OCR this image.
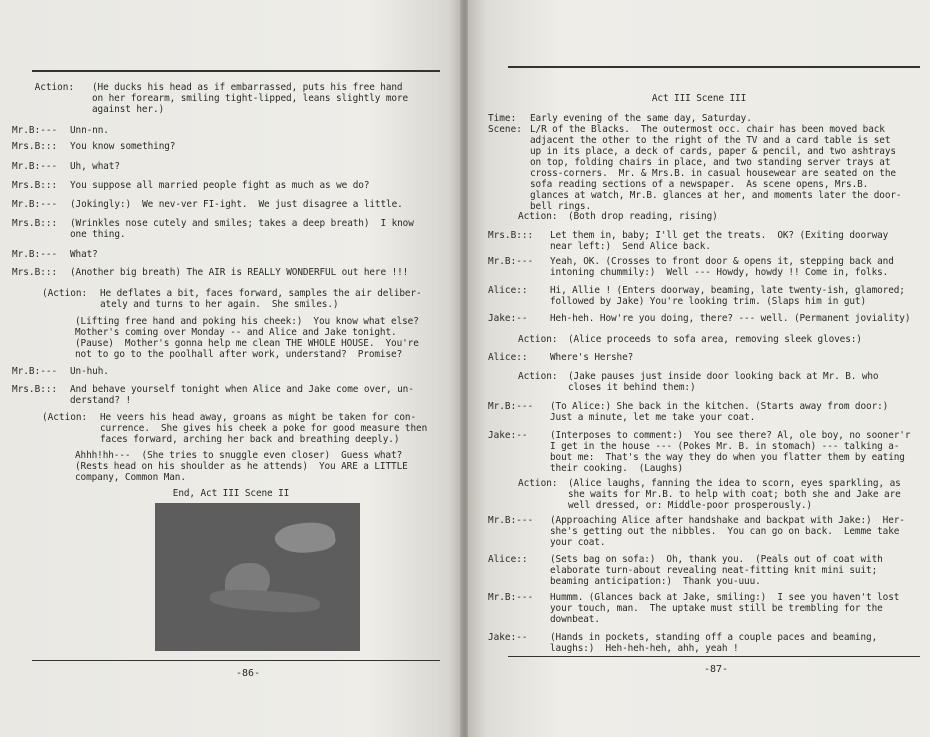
Action: (He ducks his head as if embarrassed, puts his free hand
on her forearm, smiling tight-lipped, leans slightly more
against her.)
Mr.B:--- Unn-nn.
Mrs.B::: You know something?
Mr.B:--- Uh, what?
Mrs.B::: You suppose all married people fight as much as we do?
Mr.B:--- (Jokingly:)  We nev-ver FI-ight.  We just disagree a little.
Mrs.B::: (Wrinkles nose cutely and smiles; takes a deep breath)  I know
one thing.
Mr.B:--- What?
Mrs.B::: (Another big breath) The AIR is REALLY WONDERFUL out here !!!
(Action: He deflates a bit, faces forward, samples the air deliber-
ately and turns to her again.  She smiles.)
(Lifting free hand and poking his cheek:)  You know what else?
Mother's coming over Monday -- and Alice and Jake tonight.
(Pause)  Mother's gonna help me clean THE WHOLE HOUSE.  You're
not to go to the poolhall after work, understand?  Promise?
Mr.B:--- Un-huh.
Mrs.B::: And behave yourself tonight when Alice and Jake come over, un-
derstand? !
(Action: He veers his head away, groans as might be taken for con-
currence.  She gives his cheek a poke for good measure then
faces forward, arching her back and breathing deeply.)
Ahhh!hh---  (She tries to snuggle even closer)  Guess what?
(Rests head on his shoulder as he attends)  You ARE a LITTLE
company, Common Man.
End, Act III Scene II
-86-
Act III Scene III
Time: Early evening of the same day, Saturday.
Scene: L/R of the Blacks.  The outermost occ. chair has been moved back
adjacent the other to the right of the TV and a card table is set
up in its place, a deck of cards, paper & pencil, and two ashtrays
on top, folding chairs in place, and two standing server trays at
cross-corners.  Mr. & Mrs.B. in casual housewear are seated on the
sofa reading sections of a newspaper.  As scene opens, Mrs.B.
glances at watch, Mr.B. glances at her, and moments later the door-
bell rings.
Action: (Both drop reading, rising)
Mrs.B::: Let them in, baby; I'll get the treats.  OK? (Exiting doorway
near left:)  Send Alice back.
Mr.B:--- Yeah, OK. (Crosses to front door & opens it, stepping back and
intoning chummily:)  Well --- Howdy, howdy !! Come in, folks.
Alice:: Hi, Allie ! (Enters doorway, beaming, late twenty-ish, glamored;
followed by Jake) You're looking trim. (Slaps him in gut)
Jake:-- Heh-heh. How're you doing, there? --- well. (Permanent joviality)
Action: (Alice proceeds to sofa area, removing sleek gloves:)
Alice:: Where's Hershe?
Action: (Jake pauses just inside door looking back at Mr. B. who
closes it behind them:)
Mr.B:--- (To Alice:) She back in the kitchen. (Starts away from door:)
Just a minute, let me take your coat.
Jake:-- (Interposes to comment:)  You see there? Al, ole boy, no sooner'r
I get in the house --- (Pokes Mr. B. in stomach) --- talking a-
bout me:  That's the way they do when you flatter them by eating
their cooking.  (Laughs)
Action: (Alice laughs, fanning the idea to scorn, eyes sparkling, as
she waits for Mr.B. to help with coat; both she and Jake are
well dressed, or: Middle-poor prosperously.)
Mr.B:--- (Approaching Alice after handshake and backpat with Jake:)  Her-
she's getting out the nibbles.  You can go on back.  Lemme take
your coat.
Alice:: (Sets bag on sofa:)  Oh, thank you.  (Peals out of coat with
elaborate turn-about revealing neat-fitting knit mini suit;
beaming anticipation:)  Thank you-uuu.
Mr.B:--- Hummm. (Glances back at Jake, smiling:)  I see you haven't lost
your touch, man.  The uptake must still be trembling for the
downbeat.
Jake:-- (Hands in pockets, standing off a couple paces and beaming,
laughs:)  Heh-heh-heh, ahh, yeah !
-87-
